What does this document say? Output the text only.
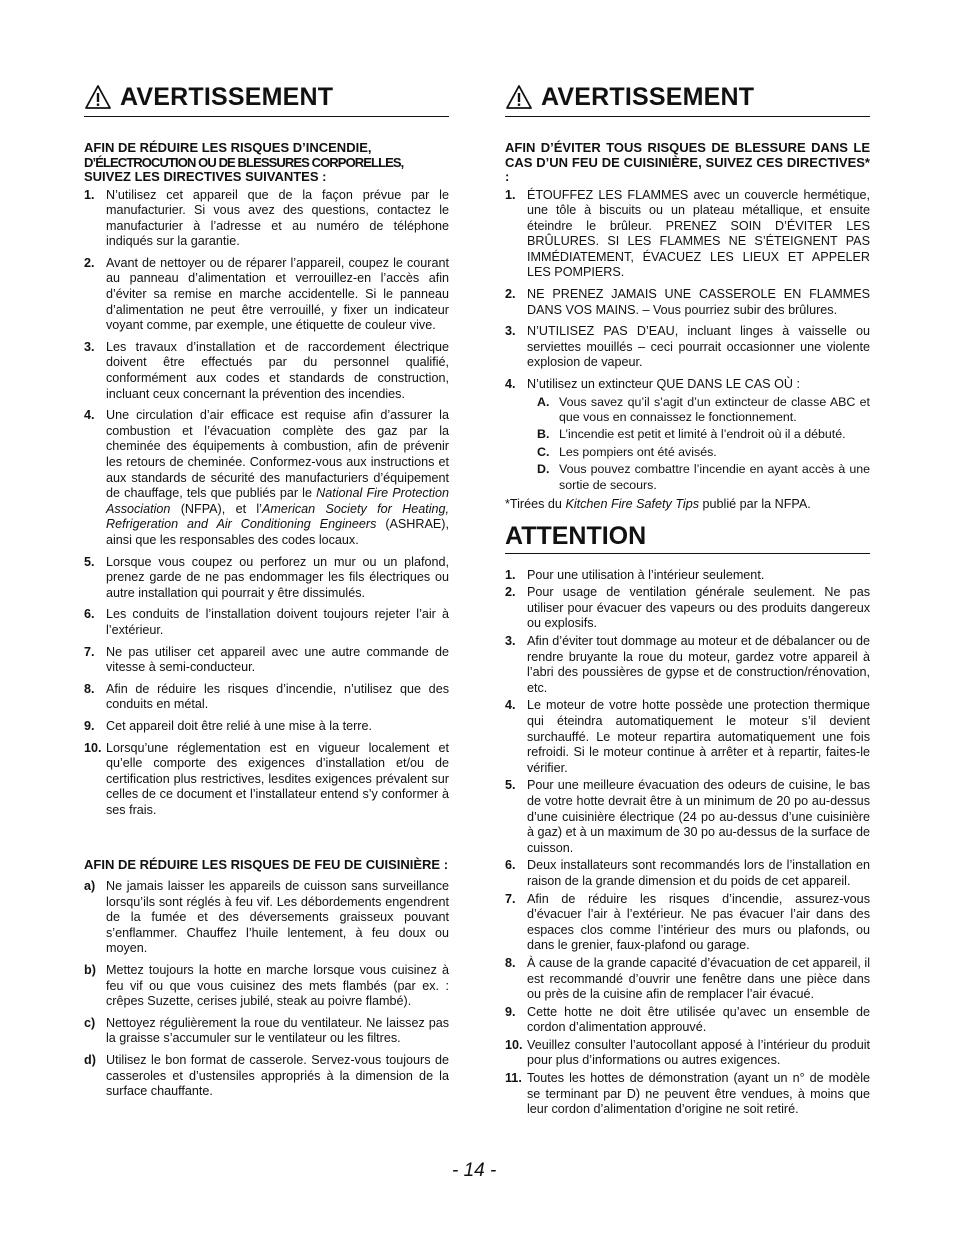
AVERTISSEMENT
AFIN DE RÉDUIRE LES RISQUES D’INCENDIE,
D’ÉLECTROCUTION OU DE BLESSURES CORPORELLES,
SUIVEZ LES DIRECTIVES SUIVANTES :
1. N’utilisez cet appareil que de la façon prévue par le manufacturier. Si vous avez des questions, contactez le manufacturier à l’adresse et au numéro de téléphone indiqués sur la garantie.
2. Avant de nettoyer ou de réparer l’appareil, coupez le courant au panneau d’alimentation et verrouillez-en l’accès afin d’éviter sa remise en marche accidentelle. Si le panneau d’alimentation ne peut être verrouillé, y fixer un indicateur voyant comme, par exemple, une étiquette de couleur vive.
3. Les travaux d’installation et de raccordement électrique doivent être effectués par du personnel qualifié, conformément aux codes et standards de construction, incluant ceux concernant la prévention des incendies.
4. Une circulation d’air efficace est requise afin d’assurer la combustion et l’évacuation complète des gaz par la cheminée des équipements à combustion, afin de prévenir les retours de cheminée. Conformez-vous aux instructions et aux standards de sécurité des manufacturiers d’équipement de chauffage, tels que publiés par le National Fire Protection Association (NFPA), et l’American Society for Heating, Refrigeration and Air Conditioning Engineers (ASHRAE), ainsi que les responsables des codes locaux.
5. Lorsque vous coupez ou perforez un mur ou un plafond, prenez garde de ne pas endommager les fils électriques ou autre installation qui pourrait y être dissimulés.
6. Les conduits de l’installation doivent toujours rejeter l’air à l’extérieur.
7. Ne pas utiliser cet appareil avec une autre commande de vitesse à semi-conducteur.
8. Afin de réduire les risques d’incendie, n’utilisez que des conduits en métal.
9. Cet appareil doit être relié à une mise à la terre.
10. Lorsqu’une réglementation est en vigueur localement et qu’elle comporte des exigences d’installation et/ou de certification plus restrictives, lesdites exigences prévalent sur celles de ce document et l’installateur entend s’y conformer à ses frais.
AFIN DE RÉDUIRE LES RISQUES DE FEU DE CUISINIÈRE :
a) Ne jamais laisser les appareils de cuisson sans surveillance lorsqu’ils sont réglés à feu vif. Les débordements engendrent de la fumée et des déversements graisseux pouvant s’enflammer. Chauffez l’huile lentement, à feu doux ou moyen.
b) Mettez toujours la hotte en marche lorsque vous cuisinez à feu vif ou que vous cuisinez des mets flambés (par ex. : crêpes Suzette, cerises jubilé, steak au poivre flambé).
c) Nettoyez régulièrement la roue du ventilateur. Ne laissez pas la graisse s’accumuler sur le ventilateur ou les filtres.
d) Utilisez le bon format de casserole. Servez-vous toujours de casseroles et d’ustensiles appropriés à la dimension de la surface chauffante.
AVERTISSEMENT
AFIN D’ÉVITER TOUS RISQUES DE BLESSURE DANS LE CAS D’UN FEU DE CUISINIÈRE, SUIVEZ CES DIRECTIVES* :
1. ÉTOUFFEZ LES FLAMMES avec un couvercle hermétique, une tôle à biscuits ou un plateau métallique, et ensuite éteindre le brûleur. PRENEZ SOIN D’ÉVITER LES BRÛLURES. SI LES FLAMMES NE S’ÉTEIGNENT PAS IMMÉDIATEMENT, ÉVACUEZ LES LIEUX ET APPELER LES POMPIERS.
2. NE PRENEZ JAMAIS UNE CASSEROLE EN FLAMMES DANS VOS MAINS. – Vous pourriez subir des brûlures.
3. N’UTILISEZ PAS D’EAU, incluant linges à vaisselle ou serviettes mouillés – ceci pourrait occasionner une violente explosion de vapeur.
4. N’utilisez un extincteur QUE DANS LE CAS OÙ :
A. Vous savez qu’il s’agit d’un extincteur de classe ABC et que vous en connaissez le fonctionnement.
B. L’incendie est petit et limité à l’endroit où il a débuté.
C. Les pompiers ont été avisés.
D. Vous pouvez combattre l’incendie en ayant accès à une sortie de secours.

*Tirées du Kitchen Fire Safety Tips publié par la NFPA.

ATTENTION
1. Pour une utilisation à l’intérieur seulement.
2. Pour usage de ventilation générale seulement. Ne pas utiliser pour évacuer des vapeurs ou des produits dangereux ou explosifs.
3. Afin d’éviter tout dommage au moteur et de débalancer ou de rendre bruyante la roue du moteur, gardez votre appareil à l’abri des poussières de gypse et de construction/rénovation, etc.
4. Le moteur de votre hotte possède une protection thermique qui éteindra automatiquement le moteur s’il devient surchauffé. Le moteur repartira automatiquement une fois refroidi. Si le moteur continue à arrêter et à repartir, faites-le vérifier.
5. Pour une meilleure évacuation des odeurs de cuisine, le bas de votre hotte devrait être à un minimum de 20 po au-dessus d’une cuisinière électrique (24 po au-dessus d’une cuisinière à gaz) et à un maximum de 30 po au-dessus de la surface de cuisson.
6. Deux installateurs sont recommandés lors de l’installation en raison de la grande dimension et du poids de cet appareil.
7. Afin de réduire les risques d’incendie, assurez-vous d’évacuer l’air à l’extérieur. Ne pas évacuer l’air dans des espaces clos comme l’intérieur des murs ou plafonds, ou dans le grenier, faux-plafond ou garage.
8. À cause de la grande capacité d’évacuation de cet appareil, il est recommandé d’ouvrir une fenêtre dans une pièce dans ou près de la cuisine afin de remplacer l’air évacué.
9. Cette hotte ne doit être utilisée qu’avec un ensemble de cordon d’alimentation approuvé.
10. Veuillez consulter l’autocollant apposé à l’intérieur du produit pour plus d’informations ou autres exigences.
11. Toutes les hottes de démonstration (ayant un n° de modèle se terminant par D) ne peuvent être vendues, à moins que leur cordon d’alimentation d’origine ne soit retiré.
- 14 -
